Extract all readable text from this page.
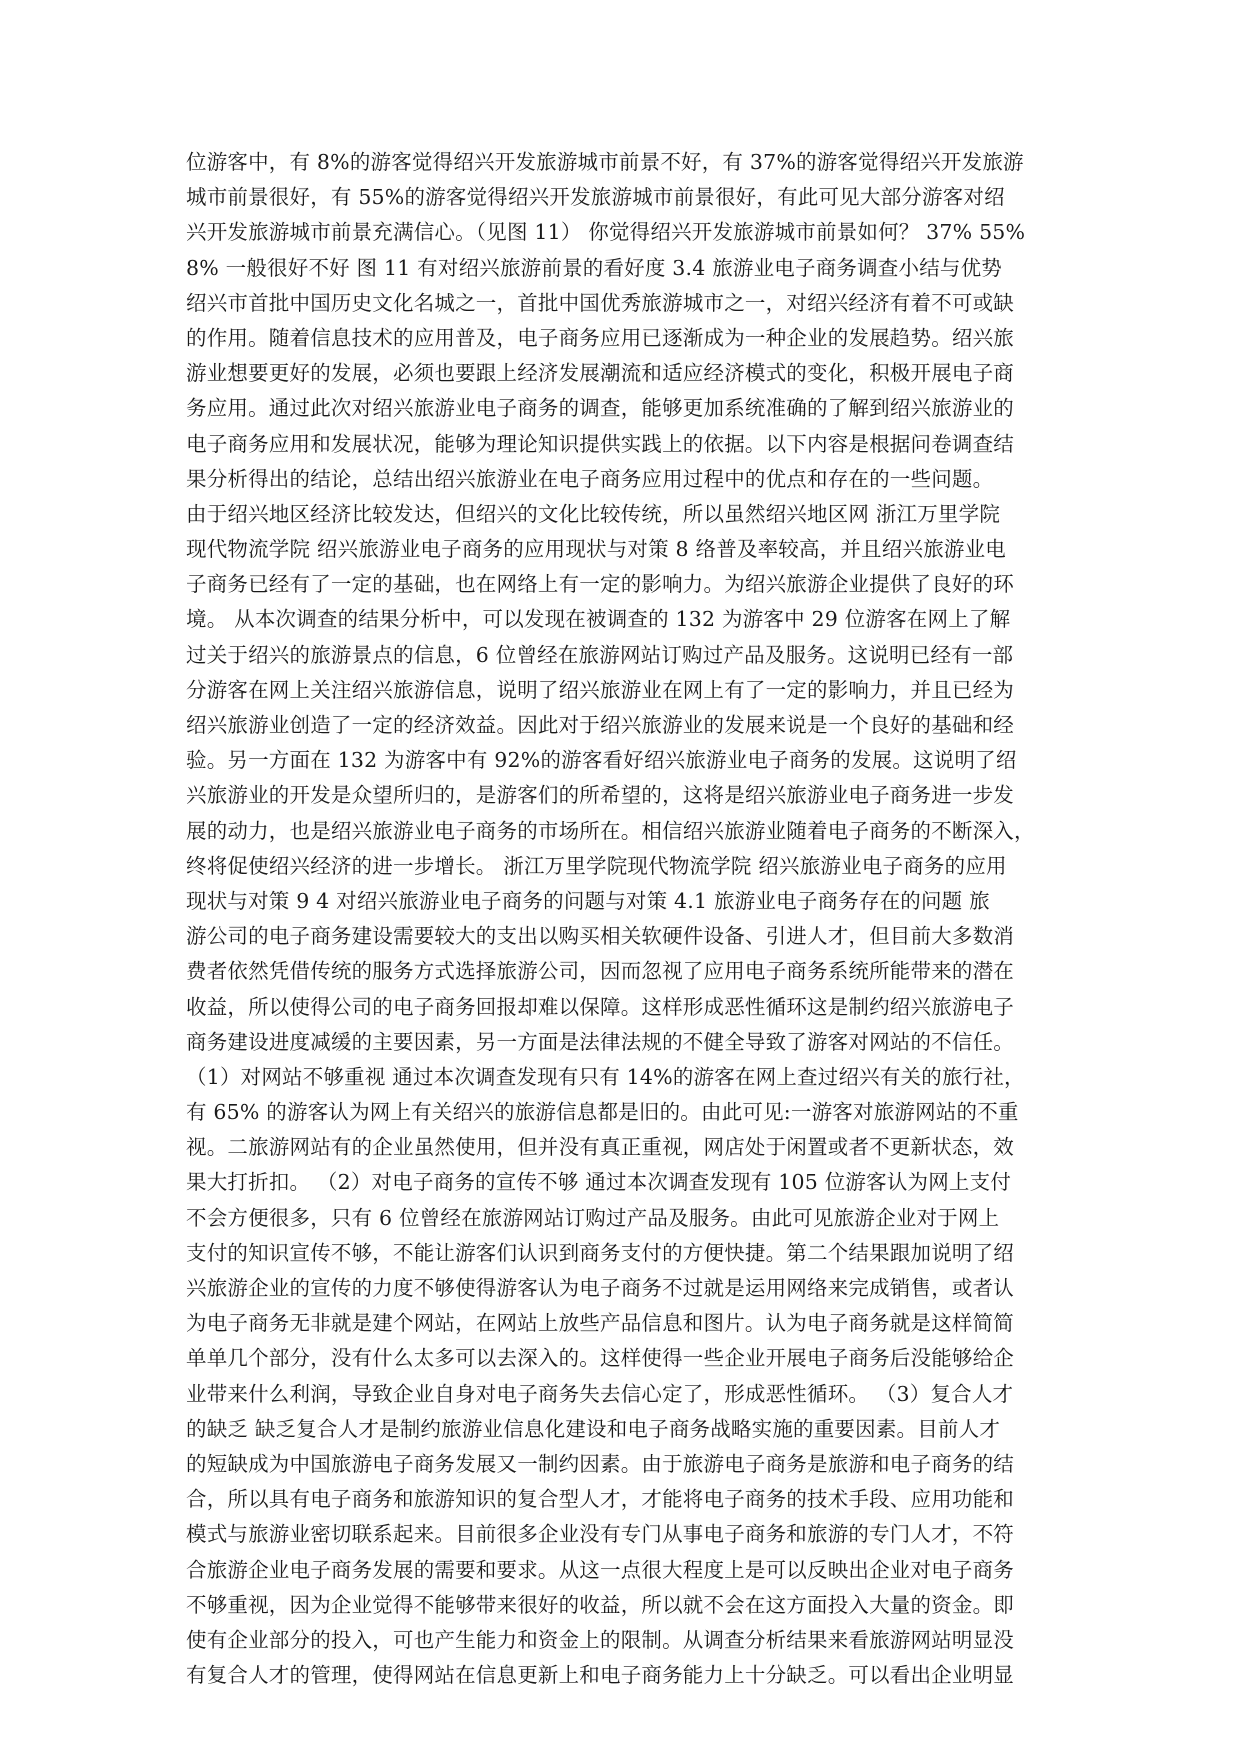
位游客中，有 8%的游客觉得绍兴开发旅游城市前景不好，有 37%的游客觉得绍兴开发旅游
城市前景很好，有 55%的游客觉得绍兴开发旅游城市前景很好，有此可见大部分游客对绍
兴开发旅游城市前景充满信心。（见图 11） 你觉得绍兴开发旅游城市前景如何？ 37% 55%
8% 一般很好不好 图 11 有对绍兴旅游前景的看好度 3.4 旅游业电子商务调查小结与优势
绍兴市首批中国历史文化名城之一，首批中国优秀旅游城市之一，对绍兴经济有着不可或缺
的作用。随着信息技术的应用普及，电子商务应用已逐渐成为一种企业的发展趋势。绍兴旅
游业想要更好的发展，必须也要跟上经济发展潮流和适应经济模式的变化，积极开展电子商
务应用。通过此次对绍兴旅游业电子商务的调查，能够更加系统准确的了解到绍兴旅游业的
电子商务应用和发展状况，能够为理论知识提供实践上的依据。以下内容是根据问卷调查结
果分析得出的结论，总结出绍兴旅游业在电子商务应用过程中的优点和存在的一些问题。
由于绍兴地区经济比较发达，但绍兴的文化比较传统，所以虽然绍兴地区网 浙江万里学院
现代物流学院 绍兴旅游业电子商务的应用现状与对策 8 络普及率较高，并且绍兴旅游业电
子商务已经有了一定的基础，也在网络上有一定的影响力。为绍兴旅游企业提供了良好的环
境。 从本次调查的结果分析中，可以发现在被调查的 132 为游客中 29 位游客在网上了解
过关于绍兴的旅游景点的信息，6 位曾经在旅游网站订购过产品及服务。这说明已经有一部
分游客在网上关注绍兴旅游信息，说明了绍兴旅游业在网上有了一定的影响力，并且已经为
绍兴旅游业创造了一定的经济效益。因此对于绍兴旅游业的发展来说是一个良好的基础和经
验。另一方面在 132 为游客中有 92%的游客看好绍兴旅游业电子商务的发展。这说明了绍
兴旅游业的开发是众望所归的，是游客们的所希望的，这将是绍兴旅游业电子商务进一步发
展的动力，也是绍兴旅游业电子商务的市场所在。相信绍兴旅游业随着电子商务的不断深入，
终将促使绍兴经济的进一步增长。 浙江万里学院现代物流学院 绍兴旅游业电子商务的应用
现状与对策 9 4 对绍兴旅游业电子商务的问题与对策 4.1 旅游业电子商务存在的问题 旅
游公司的电子商务建设需要较大的支出以购买相关软硬件设备、引进人才，但目前大多数消
费者依然凭借传统的服务方式选择旅游公司，因而忽视了应用电子商务系统所能带来的潜在
收益，所以使得公司的电子商务回报却难以保障。这样形成恶性循环这是制约绍兴旅游电子
商务建设进度减缓的主要因素，另一方面是法律法规的不健全导致了游客对网站的不信任。
（1）对网站不够重视 通过本次调查发现有只有 14%的游客在网上查过绍兴有关的旅行社，
有 65% 的游客认为网上有关绍兴的旅游信息都是旧的。由此可见:一游客对旅游网站的不重
视。二旅游网站有的企业虽然使用，但并没有真正重视，网店处于闲置或者不更新状态，效
果大打折扣。 （2）对电子商务的宣传不够 通过本次调查发现有 105 位游客认为网上支付
不会方便很多，只有 6 位曾经在旅游网站订购过产品及服务。由此可见旅游企业对于网上
支付的知识宣传不够，不能让游客们认识到商务支付的方便快捷。第二个结果跟加说明了绍
兴旅游企业的宣传的力度不够使得游客认为电子商务不过就是运用网络来完成销售，或者认
为电子商务无非就是建个网站，在网站上放些产品信息和图片。认为电子商务就是这样简简
单单几个部分，没有什么太多可以去深入的。这样使得一些企业开展电子商务后没能够给企
业带来什么利润，导致企业自身对电子商务失去信心定了，形成恶性循环。 （3）复合人才
的缺乏 缺乏复合人才是制约旅游业信息化建设和电子商务战略实施的重要因素。目前人才
的短缺成为中国旅游电子商务发展又一制约因素。由于旅游电子商务是旅游和电子商务的结
合，所以具有电子商务和旅游知识的复合型人才，才能将电子商务的技术手段、应用功能和
模式与旅游业密切联系起来。目前很多企业没有专门从事电子商务和旅游的专门人才，不符
合旅游企业电子商务发展的需要和要求。从这一点很大程度上是可以反映出企业对电子商务
不够重视，因为企业觉得不能够带来很好的收益，所以就不会在这方面投入大量的资金。即
使有企业部分的投入，可也产生能力和资金上的限制。从调查分析结果来看旅游网站明显没
有复合人才的管理，使得网站在信息更新上和电子商务能力上十分缺乏。可以看出企业明显
